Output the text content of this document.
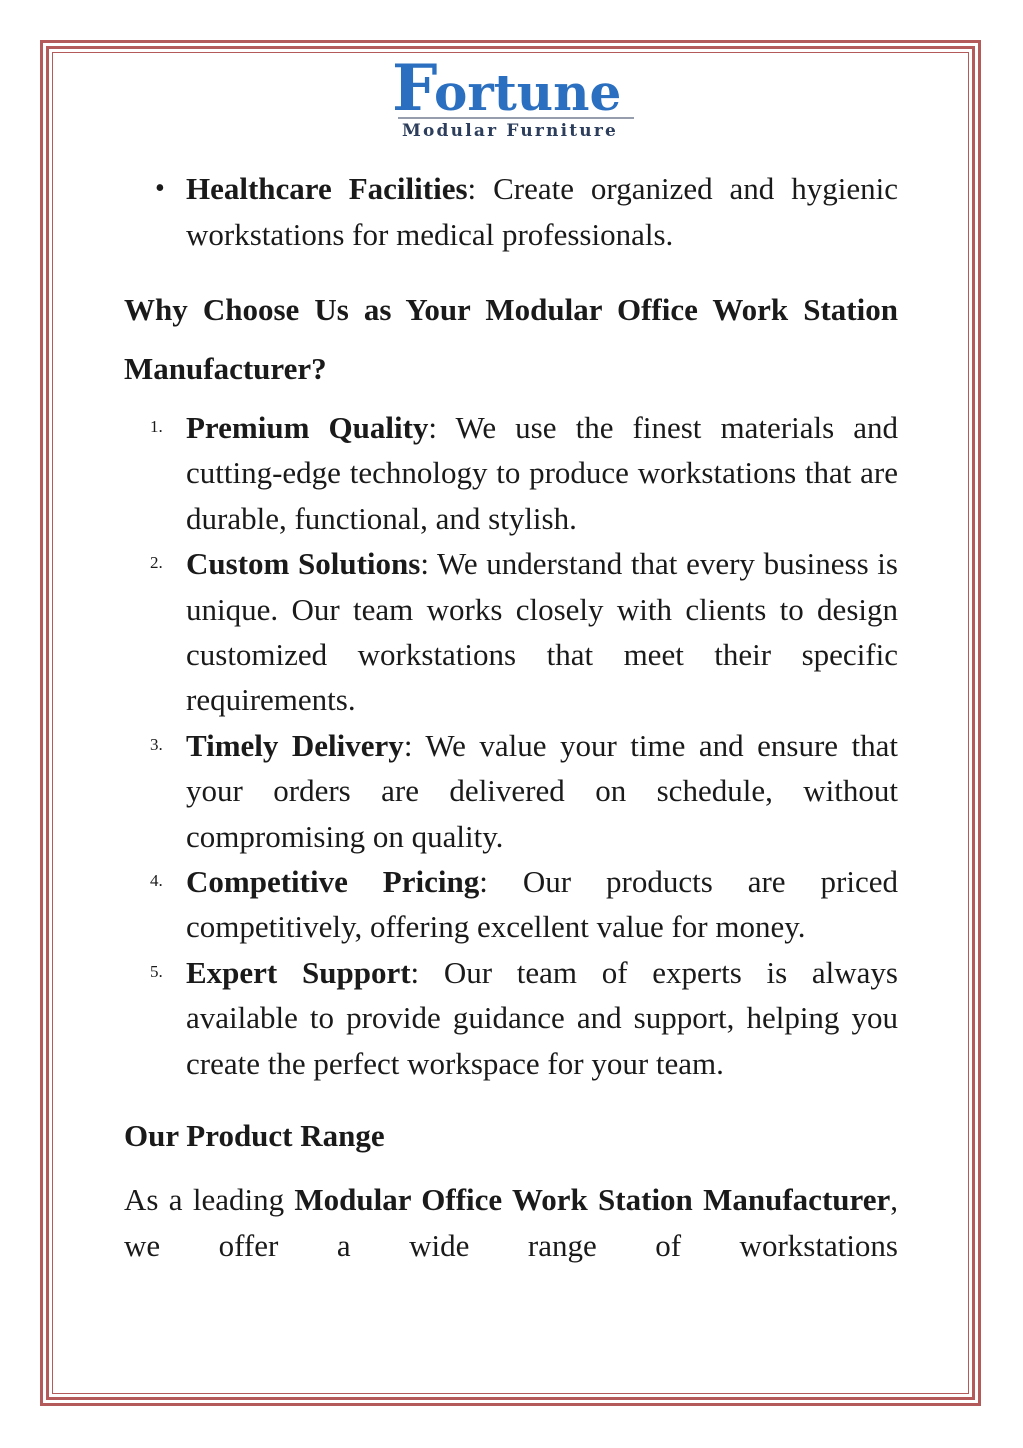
F
ortune
Modular Furniture
• Healthcare Facilities: Create organized and hygienic workstations for medical professionals.
Why Choose Us as Your Modular Office Work Station Manufacturer?
1. Premium Quality: We use the finest materials and cutting-edge technology to produce workstations that are durable, functional, and stylish.
2. Custom Solutions: We understand that every business is unique. Our team works closely with clients to design customized workstations that meet their specific requirements.
3. Timely Delivery: We value your time and ensure that your orders are delivered on schedule, without compromising on quality.
4. Competitive Pricing: Our products are priced competitively, offering excellent value for money.
5. Expert Support: Our team of experts is always available to provide guidance and support, helping you create the perfect workspace for your team.
Our Product Range
As a leading Modular Office Work Station Manufacturer, we offer a wide range of workstations
